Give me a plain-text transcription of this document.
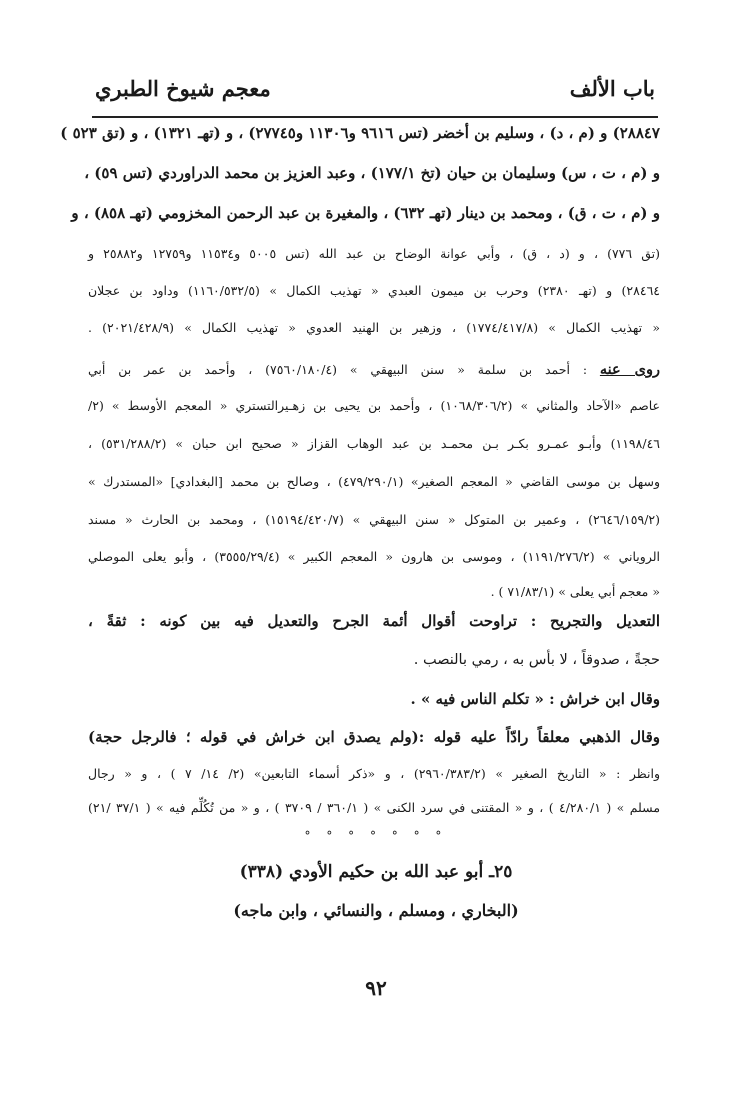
باب الألف
معجم شيوخ الطبري
٢٨٨٤٧) و (م ، د) ، وسليم بن أخضر (تس ٩٦١٦ و١١٣٠٦ و٢٧٧٤٥) ، و (تهـ ١٣٢١) ، و (تق ٥٢٣ )
و (م ، ت ، س) وسليمان بن حيان (تخ ١٧٧/١) ، وعبد العزيز بن محمد الدراوردي (تس ٥٩) ،
و (م ، ت ، ق) ، ومحمد بن دينار (تهـ ٦٣٢) ، والمغيرة بن عبد الرحمن المخزومي (تهـ ٨٥٨) ، و
(تق ٧٧٦) ، و (د ، ق) ، وأبي عوانة الوضاح بن عبد الله (تس ٥٠٠٥ و١١٥٣٤ و١٢٧٥٩ و٢٥٨٨٢ و
٢٨٤٦٤) و (تهـ ٢٣٨٠) وحرب بن ميمون العبدي « تهذيب الكمال » (١١٦٠/٥٣٢/٥) وداود بن عجلان
« تهذيب الكمال » (١٧٧٤/٤١٧/٨) ، وزهير بن الهنيد العدوي « تهذيب الكمال » (٢٠٢١/٤٢٨/٩) .
روى عنه : أحمد بن سلمة « سنن البيهقي » (٧٥٦٠/١٨٠/٤) ، وأحمد بن عمر بن أبي
عاصم «الآحاد والمثاني » (١٠٦٨/٣٠٦/٢) ، وأحمد بن يحيى بن زهـيرالتستري « المعجم الأوسط » (٢/
١١٩٨/٤٦) وأبـو عمـرو بكـر بـن محمـد بن عبد الوهاب القزاز « صحيح ابن حبان » (٥٣١/٢٨٨/٢) ،
وسهل بن موسى القاضي « المعجم الصغير» (٤٧٩/٢٩٠/١) ، وصالح بن محمد [البغدادي] «المستدرك »
(٢٦٤٦/١٥٩/٢) ، وعمير بن المتوكل « سنن البيهقي » (١٥١٩٤/٤٢٠/٧) ، ومحمد بن الحارث « مسند
الروياني » (١١٩١/٢٧٦/٢) ، وموسى بن هارون « المعجم الكبير » (٣٥٥٥/٢٩/٤) ، وأبو يعلى الموصلي
« معجم أبي يعلى » (٧١/٨٣/١ ) .
التعديل والتجريح : تراوحت أقوال أئمة الجرح والتعديل فيه بين كونه : ثقةً ،
حجةً ، صدوقاً ، لا بأس به ، رمي بالنصب .
وقال ابن خراش : « تكلم الناس فيه » .
وقال الذهبي معلقاً رادّاً عليه قوله :(ولم يصدق ابن خراش في قوله ؛ فالرجل حجة)
وانظر : « التاريخ الصغير » (٢٩٦٠/٣٨٣/٢) ، و «ذكر أسماء التابعين» (٢/ ١٤/ ٧ ) ، و « رجال
مسلم » ( ٤/٢٨٠/١ ) ، و « المقتنى في سرد الكنى » ( ٣٦٠/١ / ٣٧٠٩ ) ، و « من تُكُلِّم فيه » ( ٣٧/١ /٢١)
° ° ° ° ° ° °
٢٥ـ أبو عبد الله بن حكيم الأودي (٣٣٨)
(البخاري ، ومسلم ، والنسائي ، وابن ماجه)
٩٢
